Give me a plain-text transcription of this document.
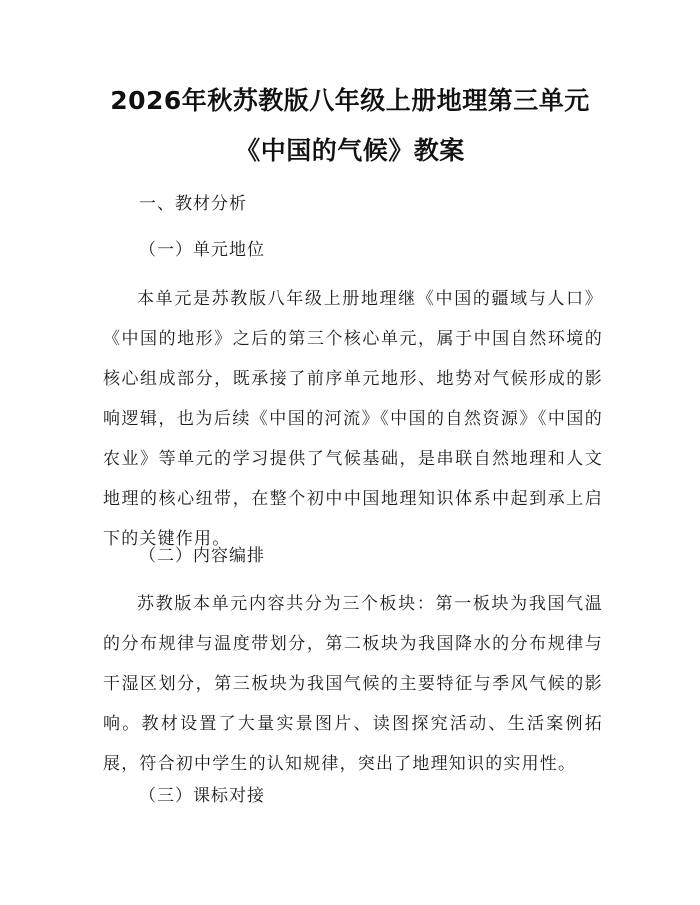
2026年秋苏教版八年级上册地理第三单元
《中国的气候》教案
一、教材分析
（一）单元地位

本单元是苏教版八年级上册地理继《中国的疆域与人口》《中国的地形》之后的第三个核心单元，属于中国自然环境的核心组成部分，既承接了前序单元地形、地势对气候形成的影响逻辑，也为后续《中国的河流》《中国的自然资源》《中国的农业》等单元的学习提供了气候基础，是串联自然地理和人文地理的核心纽带，在整个初中中国地理知识体系中起到承上启下的关键作用。

（二）内容编排

苏教版本单元内容共分为三个板块：第一板块为我国气温的分布规律与温度带划分，第二板块为我国降水的分布规律与干湿区划分，第三板块为我国气候的主要特征与季风气候的影响。教材设置了大量实景图片、读图探究活动、生活案例拓展，符合初中学生的认知规律，突出了地理知识的实用性。

（三）课标对接
